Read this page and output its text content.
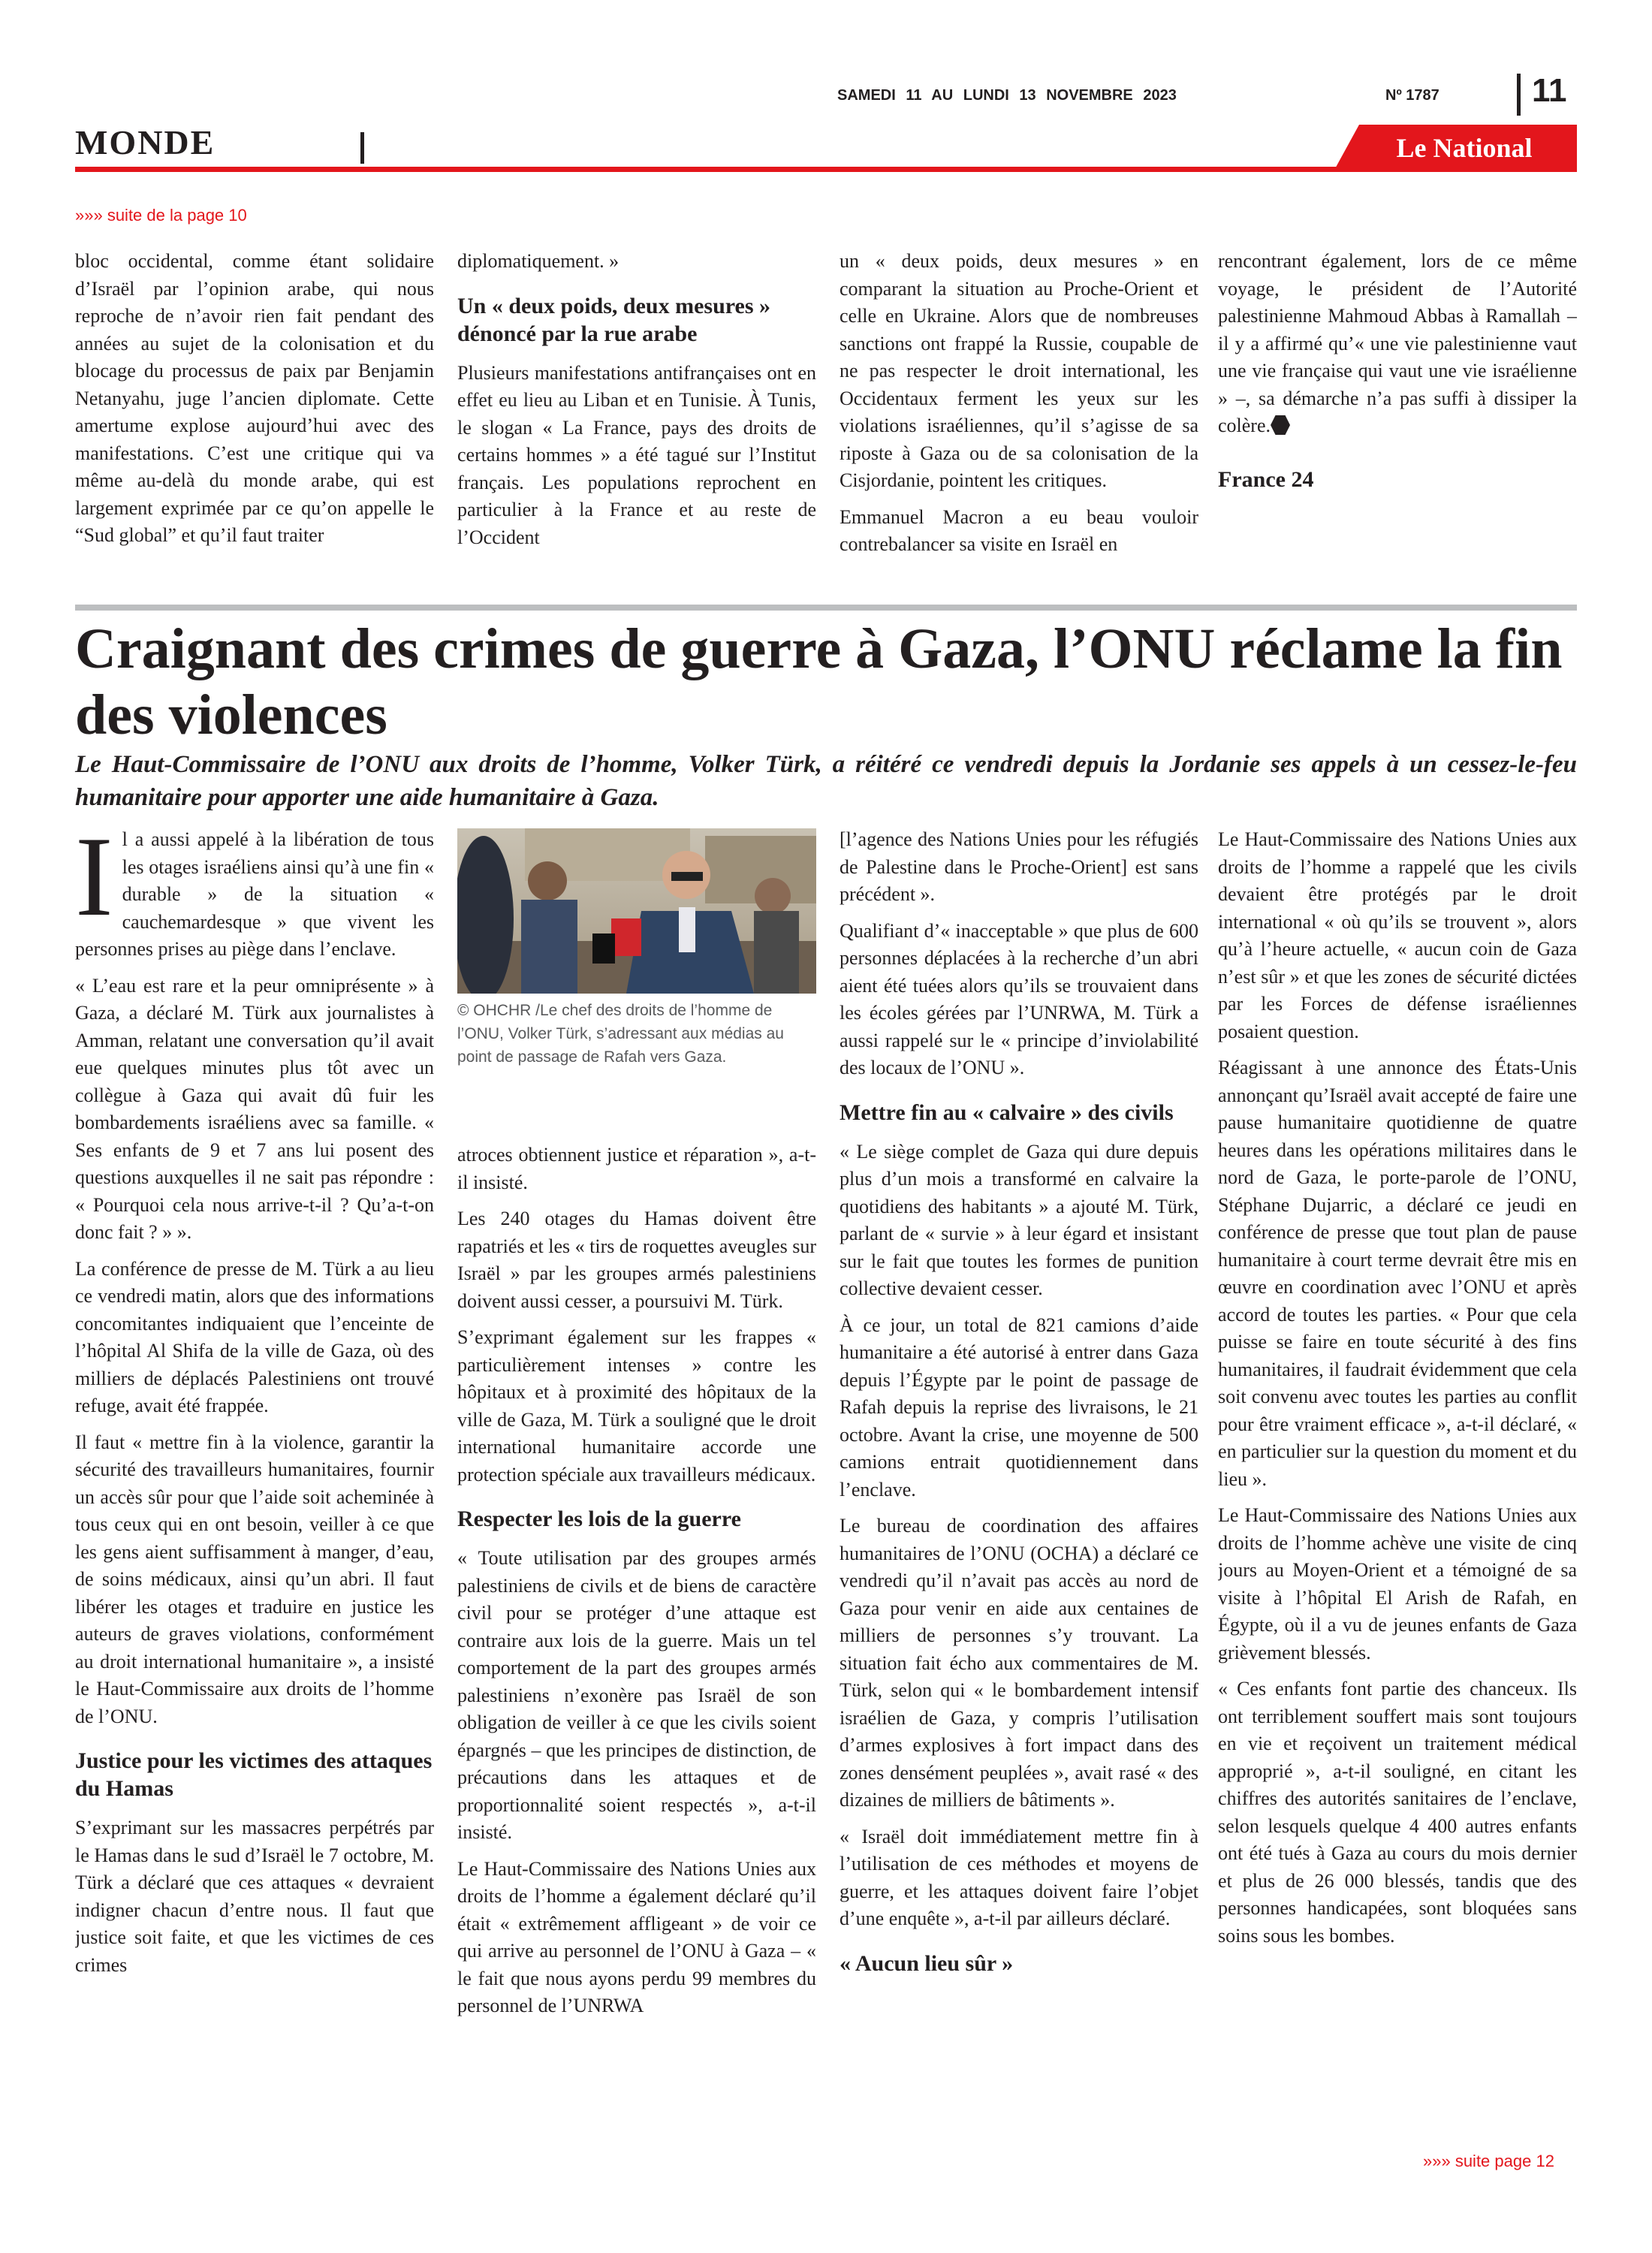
SAMEDI 11 AU LUNDI 13 NOVEMBRE 2023	Nº 1787	11
MONDE	Le National
»»» suite de la page 10

bloc occidental, comme étant solidaire d’Israël par l’opinion arabe, qui nous reproche de n’avoir rien fait pendant des années au sujet de la colonisation et du blocage du processus de paix par Benjamin Netanyahu, juge l’ancien diplomate. Cette amertume explose aujourd’hui avec des manifestations. C’est une critique qui va même au-delà du monde arabe, qui est largement exprimée par ce qu’on appelle le “Sud global” et qu’il faut traiter

diplomatiquement. »

Un « deux poids, deux mesures » dénoncé par la rue arabe

Plusieurs manifestations antifrançaises ont en effet eu lieu au Liban et en Tunisie. À Tunis, le slogan « La France, pays des droits de certains hommes » a été tagué sur l’Institut français. Les populations reprochent en particulier à la France et au reste de l’Occident

un « deux poids, deux mesures » en comparant la situation au Proche-Orient et celle en Ukraine. Alors que de nombreuses sanctions ont frappé la Russie, coupable de ne pas respecter le droit international, les Occidentaux ferment les yeux sur les violations israéliennes, qu’il s’agisse de sa riposte à Gaza ou de sa colonisation de la Cisjordanie, pointent les critiques.

Emmanuel Macron a eu beau vouloir contrebalancer sa visite en Israël en

rencontrant également, lors de ce même voyage, le président de l’Autorité palestinienne Mahmoud Abbas à Ramallah – il y a affirmé qu’« une vie palestinienne vaut une vie française qui vaut une vie israélienne » –, sa démarche n’a pas suffi à dissiper la colère.

France 24
Craignant des crimes de guerre à Gaza, l’ONU réclame la fin des violences

Le Haut-Commissaire de l’ONU aux droits de l’homme, Volker Türk, a réitéré ce vendredi depuis la Jordanie ses appels à un cessez-le-feu humanitaire pour apporter une aide humanitaire à Gaza.

Il a aussi appelé à la libération de tous les otages israéliens ainsi qu’à une fin « durable » de la situation « cauchemardesque » que vivent les personnes prises au piège dans l’enclave.

« L’eau est rare et la peur omniprésente » à Gaza, a déclaré M. Türk aux journalistes à Amman, relatant une conversation qu’il avait eue quelques minutes plus tôt avec un collègue à Gaza qui avait dû fuir les bombardements israéliens avec sa famille. « Ses enfants de 9 et 7 ans lui posent des questions auxquelles il ne sait pas répondre : « Pourquoi cela nous arrive-t-il ? Qu’a-t-on donc fait ? » ».

La conférence de presse de M. Türk a au lieu ce vendredi matin, alors que des informations concomitantes indiquaient que l’enceinte de l’hôpital Al Shifa de la ville de Gaza, où des milliers de déplacés Palestiniens ont trouvé refuge, avait été frappée.

Il faut « mettre fin à la violence, garantir la sécurité des travailleurs humanitaires, fournir un accès sûr pour que l’aide soit acheminée à tous ceux qui en ont besoin, veiller à ce que les gens aient suffisamment à manger, d’eau, de soins médicaux, ainsi qu’un abri. Il faut libérer les otages et traduire en justice les auteurs de graves violations, conformément au droit international humanitaire », a insisté le Haut-Commissaire aux droits de l’homme de l’ONU.

Justice pour les victimes des attaques du Hamas

S’exprimant sur les massacres perpétrés par le Hamas dans le sud d’Israël le 7 octobre, M. Türk a déclaré que ces attaques « devraient indigner chacun d’entre nous. Il faut que justice soit faite, et que les victimes de ces crimes

© OHCHR /Le chef des droits de l’homme de l’ONU, Volker Türk, s’adressant aux médias au point de passage de Rafah vers Gaza.

atroces obtiennent justice et réparation », a-t-il insisté.

Les 240 otages du Hamas doivent être rapatriés et les « tirs de roquettes aveugles sur Israël » par les groupes armés palestiniens doivent aussi cesser, a poursuivi M. Türk.

S’exprimant également sur les frappes « particulièrement intenses » contre les hôpitaux et à proximité des hôpitaux de la ville de Gaza, M. Türk a souligné que le droit international humanitaire accorde une protection spéciale aux travailleurs médicaux.

Respecter les lois de la guerre

« Toute utilisation par des groupes armés palestiniens de civils et de biens de caractère civil pour se protéger d’une attaque est contraire aux lois de la guerre. Mais un tel comportement de la part des groupes armés palestiniens n’exonère pas Israël de son obligation de veiller à ce que les civils soient épargnés – que les principes de distinction, de précautions dans les attaques et de proportionnalité soient respectés », a-t-il insisté.

Le Haut-Commissaire des Nations Unies aux droits de l’homme a également déclaré qu’il était « extrêmement affligeant » de voir ce qui arrive au personnel de l’ONU à Gaza – « le fait que nous ayons perdu 99 membres du personnel de l’UNRWA

[l’agence des Nations Unies pour les réfugiés de Palestine dans le Proche-Orient] est sans précédent ».

Qualifiant d’« inacceptable » que plus de 600 personnes déplacées à la recherche d’un abri aient été tuées alors qu’ils se trouvaient dans les écoles gérées par l’UNRWA, M. Türk a aussi rappelé sur le « principe d’inviolabilité des locaux de l’ONU ».

Mettre fin au « calvaire » des civils

« Le siège complet de Gaza qui dure depuis plus d’un mois a transformé en calvaire la quotidiens des habitants » a ajouté M. Türk, parlant de « survie » à leur égard et insistant sur le fait que toutes les formes de punition collective devaient cesser.

À ce jour, un total de 821 camions d’aide humanitaire a été autorisé à entrer dans Gaza depuis l’Égypte par le point de passage de Rafah depuis la reprise des livraisons, le 21 octobre. Avant la crise, une moyenne de 500 camions entrait quotidiennement dans l’enclave.

Le bureau de coordination des affaires humanitaires de l’ONU (OCHA) a déclaré ce vendredi qu’il n’avait pas accès au nord de Gaza pour venir en aide aux centaines de milliers de personnes s’y trouvant. La situation fait écho aux commentaires de M. Türk, selon qui « le bombardement intensif israélien de Gaza, y compris l’utilisation d’armes explosives à fort impact dans des zones densément peuplées », avait rasé « des dizaines de milliers de bâtiments ».

« Israël doit immédiatement mettre fin à l’utilisation de ces méthodes et moyens de guerre, et les attaques doivent faire l’objet d’une enquête », a-t-il par ailleurs déclaré.

« Aucun lieu sûr »

Le Haut-Commissaire des Nations Unies aux droits de l’homme a rappelé que les civils devaient être protégés par le droit international « où qu’ils se trouvent », alors qu’à l’heure actuelle, « aucun coin de Gaza n’est sûr » et que les zones de sécurité dictées par les Forces de défense israéliennes posaient question.

Réagissant à une annonce des États-Unis annonçant qu’Israël avait accepté de faire une pause humanitaire quotidienne de quatre heures dans les opérations militaires dans le nord de Gaza, le porte-parole de l’ONU, Stéphane Dujarric, a déclaré ce jeudi en conférence de presse que tout plan de pause humanitaire à court terme devrait être mis en œuvre en coordination avec l’ONU et après accord de toutes les parties. « Pour que cela puisse se faire en toute sécurité à des fins humanitaires, il faudrait évidemment que cela soit convenu avec toutes les parties au conflit pour être vraiment efficace », a-t-il déclaré, « en particulier sur la question du moment et du lieu ».

Le Haut-Commissaire des Nations Unies aux droits de l’homme achève une visite de cinq jours au Moyen-Orient et a témoigné de sa visite à l’hôpital El Arish de Rafah, en Égypte, où il a vu de jeunes enfants de Gaza grièvement blessés.

« Ces enfants font partie des chanceux. Ils ont terriblement souffert mais sont toujours en vie et reçoivent un traitement médical approprié », a-t-il souligné, en citant les chiffres des autorités sanitaires de l’enclave, selon lesquels quelque 4 400 autres enfants ont été tués à Gaza au cours du mois dernier et plus de 26 000 blessés, tandis que des personnes handicapées, sont bloquées sans soins sous les bombes.

»»» suite page 12
